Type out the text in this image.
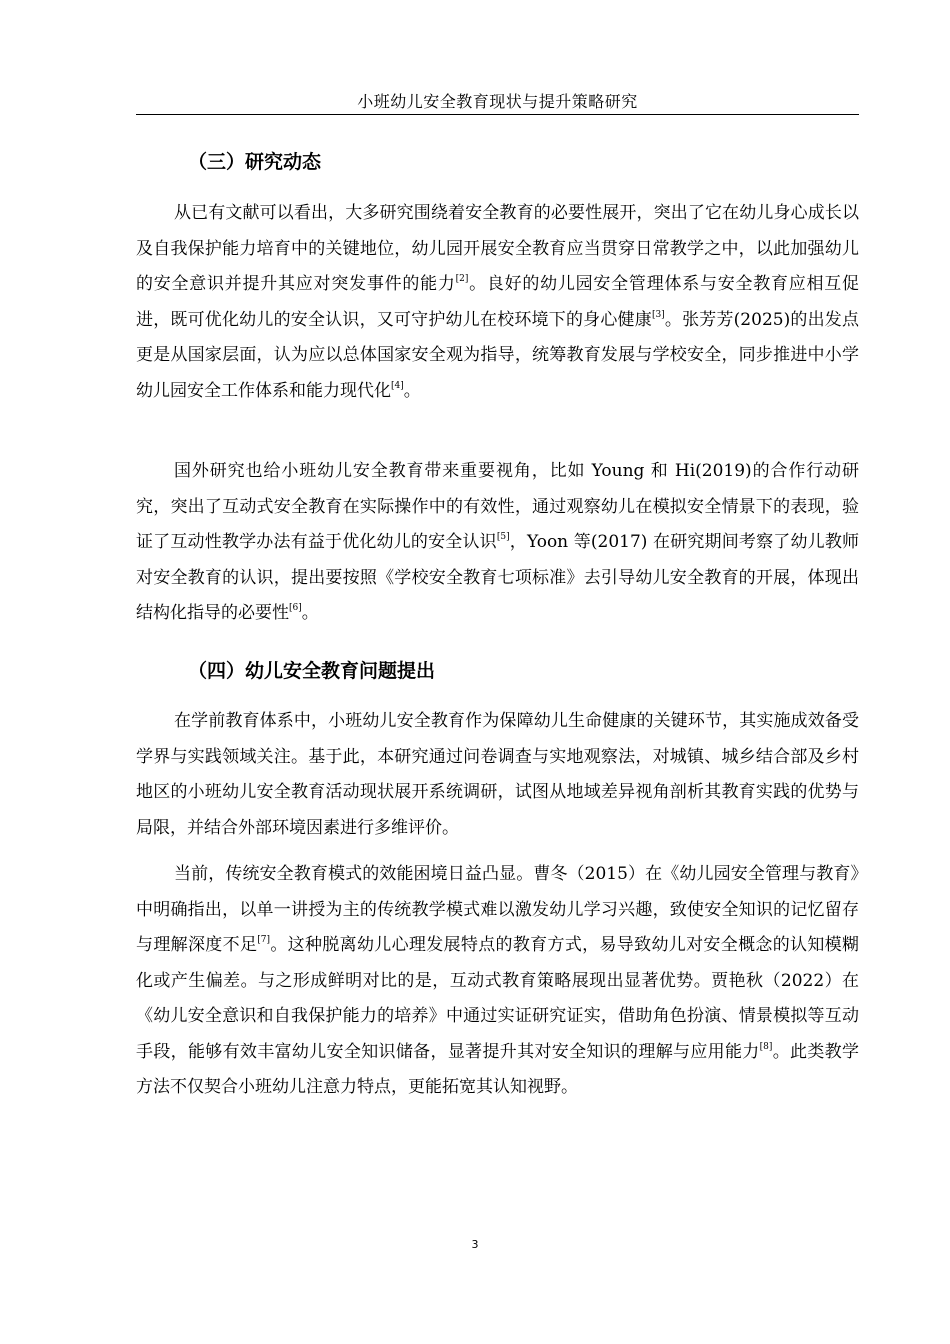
小班幼儿安全教育现状与提升策略研究
（三）研究动态

从已有文献可以看出，大多研究围绕着安全教育的必要性展开，突出了它在幼儿身心成长以及自我保护能力培育中的关键地位，幼儿园开展安全教育应当贯穿日常教学之中，以此加强幼儿的安全意识并提升其应对突发事件的能力[2]。良好的幼儿园安全管理体系与安全教育应相互促进，既可优化幼儿的安全认识，又可守护幼儿在校环境下的身心健康[3]。张芳芳(2025)的出发点更是从国家层面，认为应以总体国家安全观为指导，统筹教育发展与学校安全，同步推进中小学幼儿园安全工作体系和能力现代化[4]。

国外研究也给小班幼儿安全教育带来重要视角，比如 Young 和 Hi(2019)的合作行动研究，突出了互动式安全教育在实际操作中的有效性，通过观察幼儿在模拟安全情景下的表现，验证了互动性教学办法有益于优化幼儿的安全认识[5]，Yoon 等(2017) 在研究期间考察了幼儿教师对安全教育的认识，提出要按照《学校安全教育七项标准》去引导幼儿安全教育的开展，体现出结构化指导的必要性[6]。

（四）幼儿安全教育问题提出

在学前教育体系中，小班幼儿安全教育作为保障幼儿生命健康的关键环节，其实施成效备受学界与实践领域关注。基于此，本研究通过问卷调查与实地观察法，对城镇、城乡结合部及乡村地区的小班幼儿安全教育活动现状展开系统调研，试图从地域差异视角剖析其教育实践的优势与局限，并结合外部环境因素进行多维评价。

当前，传统安全教育模式的效能困境日益凸显。曹冬（2015）在《幼儿园安全管理与教育》中明确指出，以单一讲授为主的传统教学模式难以激发幼儿学习兴趣，致使安全知识的记忆留存与理解深度不足[7]。这种脱离幼儿心理发展特点的教育方式，易导致幼儿对安全概念的认知模糊化或产生偏差。与之形成鲜明对比的是，互动式教育策略展现出显著优势。贾艳秋（2022）在《幼儿安全意识和自我保护能力的培养》中通过实证研究证实，借助角色扮演、情景模拟等互动手段，能够有效丰富幼儿安全知识储备，显著提升其对安全知识的理解与应用能力[8]。此类教学方法不仅契合小班幼儿注意力特点，更能拓宽其认知视野。

3
